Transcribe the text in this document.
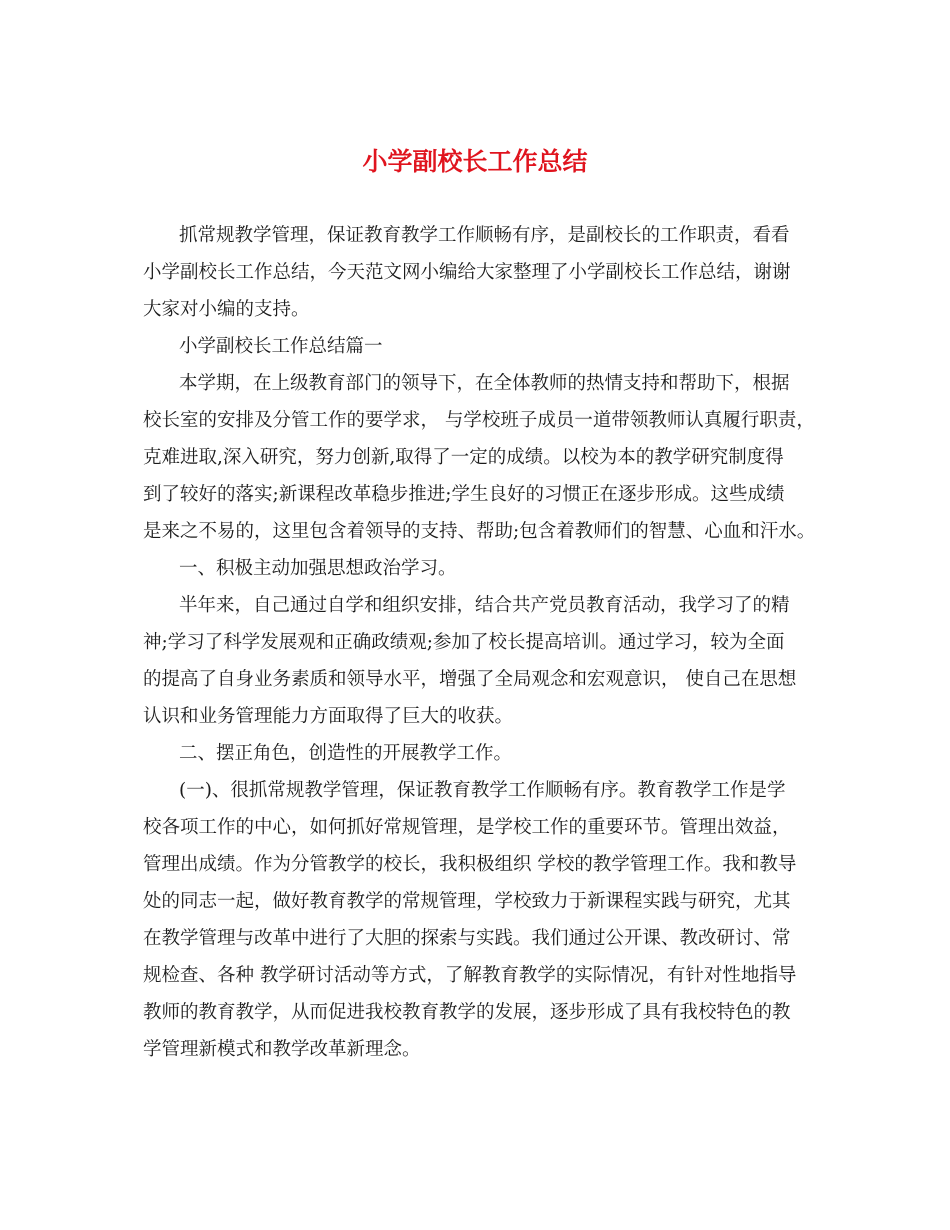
小学副校长工作总结
抓常规教学管理，保证教育教学工作顺畅有序，是副校长的工作职责，看看
小学副校长工作总结，今天范文网小编给大家整理了小学副校长工作总结，谢谢
大家对小编的支持。
小学副校长工作总结篇一
本学期，在上级教育部门的领导下，在全体教师的热情支持和帮助下，根据
校长室的安排及分管工作的要学求， 与学校班子成员一道带领教师认真履行职责，
克难进取,深入研究，努力创新,取得了一定的成绩。以校为本的教学研究制度得
到了较好的落实;新课程改革稳步推进;学生良好的习惯正在逐步形成。这些成绩
是来之不易的，这里包含着领导的支持、帮助;包含着教师们的智慧、心血和汗水。
一、积极主动加强思想政治学习。
半年来，自己通过自学和组织安排，结合共产党员教育活动，我学习了的精
神;学习了科学发展观和正确政绩观;参加了校长提高培训。通过学习，较为全面
的提高了自身业务素质和领导水平，增强了全局观念和宏观意识， 使自己在思想
认识和业务管理能力方面取得了巨大的收获。
二、摆正角色，创造性的开展教学工作。
(一)、很抓常规教学管理，保证教育教学工作顺畅有序。教育教学工作是学
校各项工作的中心，如何抓好常规管理，是学校工作的重要环节。管理出效益，
管理出成绩。作为分管教学的校长，我积极组织 学校的教学管理工作。我和教导
处的同志一起，做好教育教学的常规管理，学校致力于新课程实践与研究，尤其
在教学管理与改革中进行了大胆的探索与实践。我们通过公开课、教改研讨、常
规检查、各种 教学研讨活动等方式，了解教育教学的实际情况，有针对性地指导
教师的教育教学，从而促进我校教育教学的发展，逐步形成了具有我校特色的教
学管理新模式和教学改革新理念。
